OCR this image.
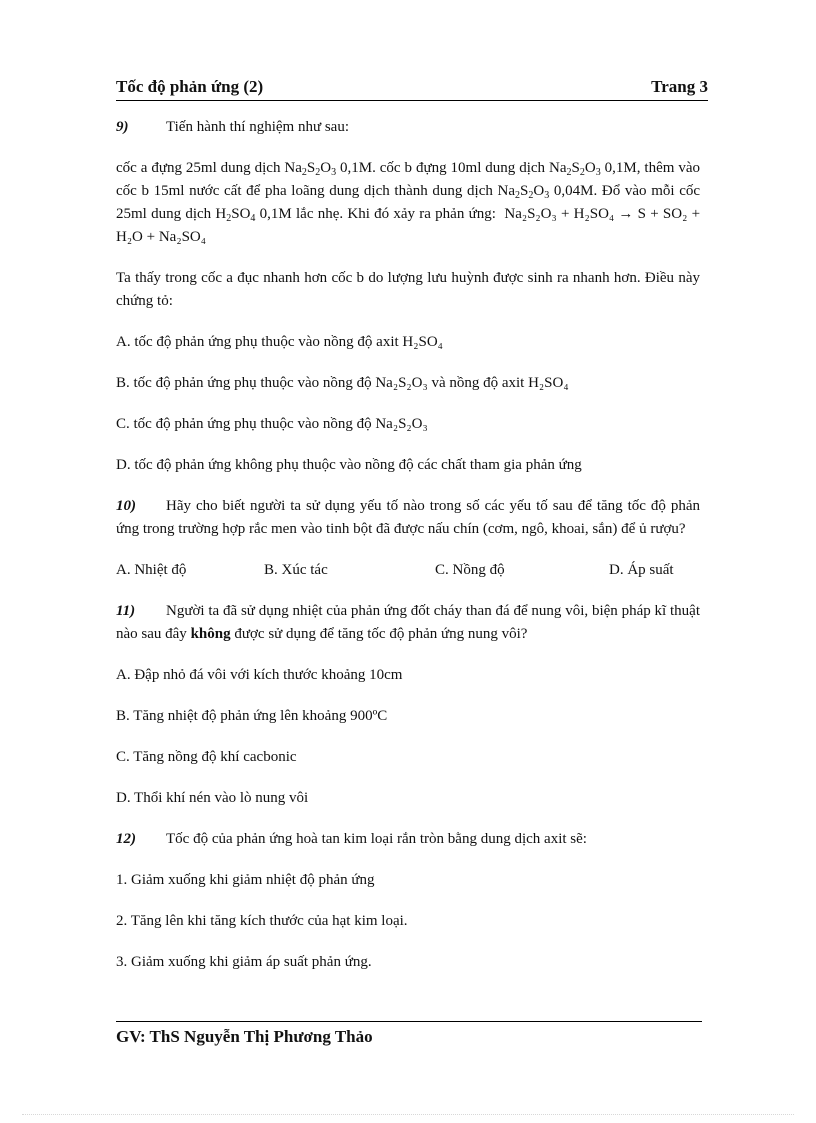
Tốc độ phản ứng (2)	Trang 3

9)	Tiến hành thí nghiệm như sau:

cốc a đựng 25ml dung dịch $Na_2S_2O_3$ 0,1M. cốc b đựng 10ml dung dịch $Na_2S_2O_3$ 0,1M, thêm vào cốc b 15ml nước cất để pha loãng dung dịch thành dung dịch $Na_2S_2O_3$ 0,04M. Đổ vào mỗi cốc 25ml dung dịch $H_2SO_4$ 0,1M lắc nhẹ. Khi đó xảy ra phản ứng: Na₂S₂O₃ + H₂SO₄ → S + SO₂ + H₂O + Na₂SO₄

Ta thấy trong cốc a đục nhanh hơn cốc b do lượng lưu huỳnh được sinh ra nhanh hơn. Điều này chứng tỏ:

A. tốc độ phản ứng phụ thuộc vào nồng độ axit H₂SO₄

B. tốc độ phản ứng phụ thuộc vào nồng độ Na₂S₂O₃ và nồng độ axit H₂SO₄

C. tốc độ phản ứng phụ thuộc vào nồng độ Na₂S₂O₃

D. tốc độ phản ứng không phụ thuộc vào nồng độ các chất tham gia phản ứng

10) Hãy cho biết người ta sử dụng yếu tố nào trong số các yếu tố sau để tăng tốc độ phản ứng trong trường hợp rắc men vào tinh bột đã được nấu chín (cơm, ngô, khoai, sắn) để ủ rượu?

A. Nhiệt độ	B. Xúc tác	C. Nồng độ	D. Áp suất

11) Người ta đã sử dụng nhiệt của phản ứng đốt cháy than đá để nung vôi, biện pháp kĩ thuật nào sau đây không được sử dụng để tăng tốc độ phản ứng nung vôi?

A. Đập nhỏ đá vôi với kích thước khoảng 10cm

B. Tăng nhiệt độ phản ứng lên khoảng 900ºC

C. Tăng nồng độ khí cacbonic

D. Thổi khí nén vào lò nung vôi

12) Tốc độ của phản ứng hoà tan kim loại rắn tròn bằng dung dịch axit sẽ:

1. Giảm xuống khi giảm nhiệt độ phản ứng

2. Tăng lên khi tăng kích thước của hạt kim loại.

3. Giảm xuống khi giảm áp suất phản ứng.

GV: ThS Nguyễn Thị Phương Thảo
